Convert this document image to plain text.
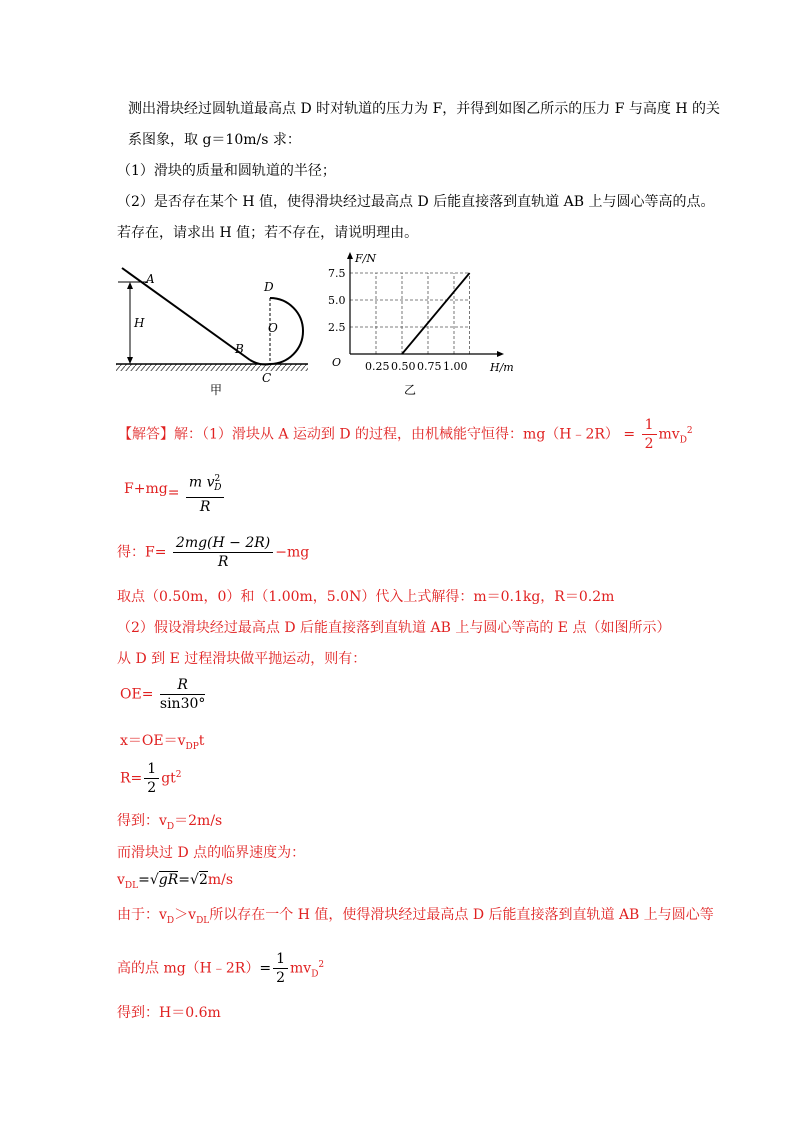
测出滑块经过圆轨道最高点 D 时对轨道的压力为 F，并得到如图乙所示的压力 F 与高度 H 的关
系图象，取 g＝10m/s 求：
（1）滑块的质量和圆轨道的半径；
（2）是否存在某个 H 值，使得滑块经过最高点 D 后能直接落到直轨道 AB 上与圆心等高的点。
若存在，请求出 H 值；若不存在，请说明理由。
A
H
B
C
D
O
甲
F/N
H/m
O 0.25 0.50 0.75 1.00
2.5
5.0
7.5
乙
【解答】解：（1）滑块从 A 运动到 D 的过程，由机械能守恒得：mg（H﹣2R） = $\frac{1}{2} mv_D^2$
$F+mg= \frac{m v^2_D}{R}$
得：$F= \frac{2mg(H - 2R)}{R} -mg$
取点（0.50m，0）和（1.00m，5.0N）代入上式解得：m＝0.1kg，R＝0.2m
（2）假设滑块经过最高点 D 后能直接落到直轨道 AB 上与圆心等高的 E 点（如图所示）
从 D 到 E 过程滑块做平抛运动，则有：
$OE= \frac{R}{\sin 30^\circ}$
$x=OE=v_{DP}t$
$R= \frac{1}{2} gt^2$
得到：$v_D=2m/s$
而滑块过 D 点的临界速度为：
$v_{DL}=√gR=√2m/s$
由于：$v_D>v_{DL}$所以存在一个 H 值，使得滑块经过最高点 D 后能直接落到直轨道 AB 上与圆心等
高的点 mg（H﹣2R）= $\frac{1}{2} mv_D^2$
得到：H＝0.6m
